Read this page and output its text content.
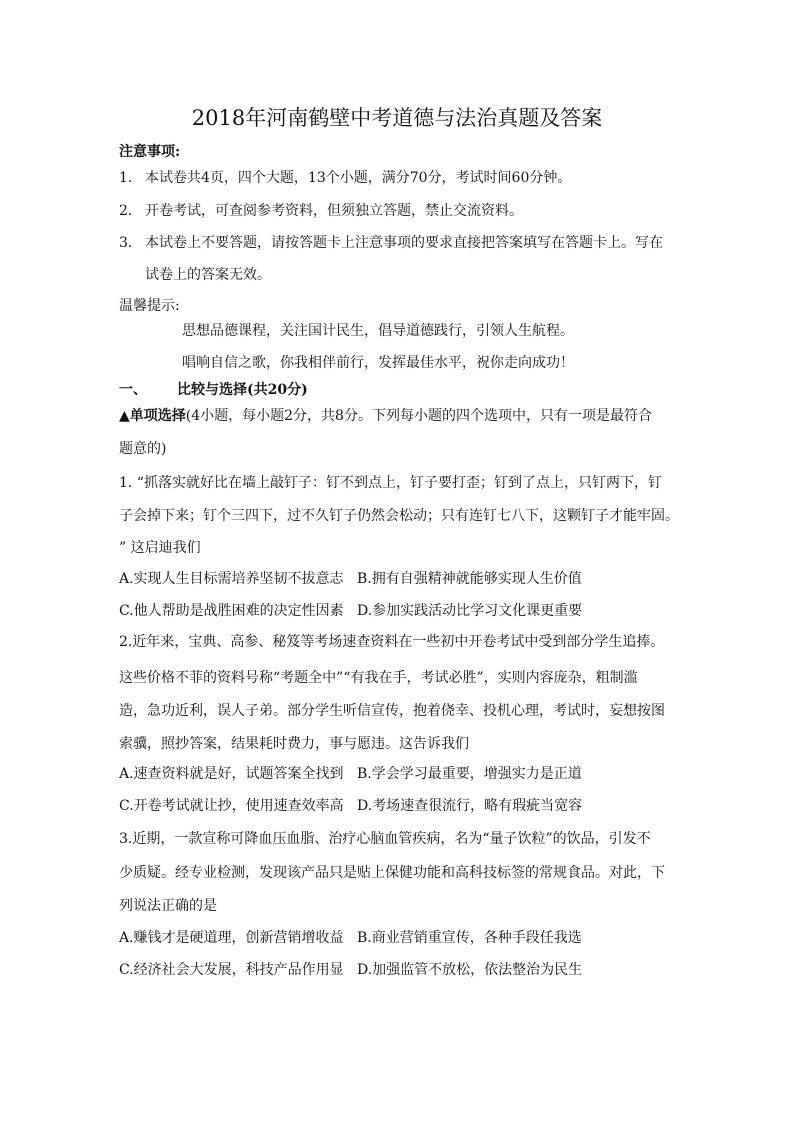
2018年河南鹤壁中考道德与法治真题及答案
注意事项:
1. 本试卷共4页，四个大题，13个小题，满分70分，考试时间60分钟。
2. 开卷考试，可查阅参考资料，但须独立答题，禁止交流资料。
3. 本试卷上不要答题，请按答题卡上注意事项的要求直接把答案填写在答题卡上。写在
试卷上的答案无效。
温馨提示:
思想品德课程，关注国计民生，倡导道德践行，引领人生航程。
唱响自信之歌，你我相伴前行，发挥最佳水平，祝你走向成功！
一、 比较与选择(共20分)
▲单项选择(4小题，每小题2分，共8分。下列每小题的四个选项中，只有一项是最符合
题意的)
1. “抓落实就好比在墙上敲钉子：钉不到点上，钉子要打歪；钉到了点上，只钉两下，钉
子会掉下来；钉个三四下，过不久钉子仍然会松动；只有连钉七八下，这颗钉子才能牢固。
” 这启迪我们
A.实现人生目标需培养坚韧不拔意志 B.拥有自强精神就能够实现人生价值
C.他人帮助是战胜困难的决定性因素 D.参加实践活动比学习文化课更重要
2.近年来，宝典、高参、秘笈等考场速查资料在一些初中开卷考试中受到部分学生追捧。
这些价格不菲的资料号称“考题全中”“有我在手，考试必胜”，实则内容庞杂，粗制滥
造，急功近利，误人子弟。部分学生听信宣传，抱着侥幸、投机心理，考试时，妄想按图
索骥，照抄答案，结果耗时费力，事与愿违。这告诉我们
A.速查资料就是好，试题答案全找到 B.学会学习最重要，增强实力是正道
C.开卷考试就让抄，使用速查效率高 D.考场速查很流行，略有瑕疵当宽容
3.近期，一款宣称可降血压血脂、治疗心脑血管疾病，名为“量子饮粒”的饮品，引发不
少质疑。经专业检测，发现该产品只是贴上保健功能和高科技标签的常规食品。对此，下
列说法正确的是
A.赚钱才是硬道理，创新营销增收益 B.商业营销重宣传，各种手段任我选
C.经济社会大发展，科技产品作用显 D.加强监管不放松，依法整治为民生
